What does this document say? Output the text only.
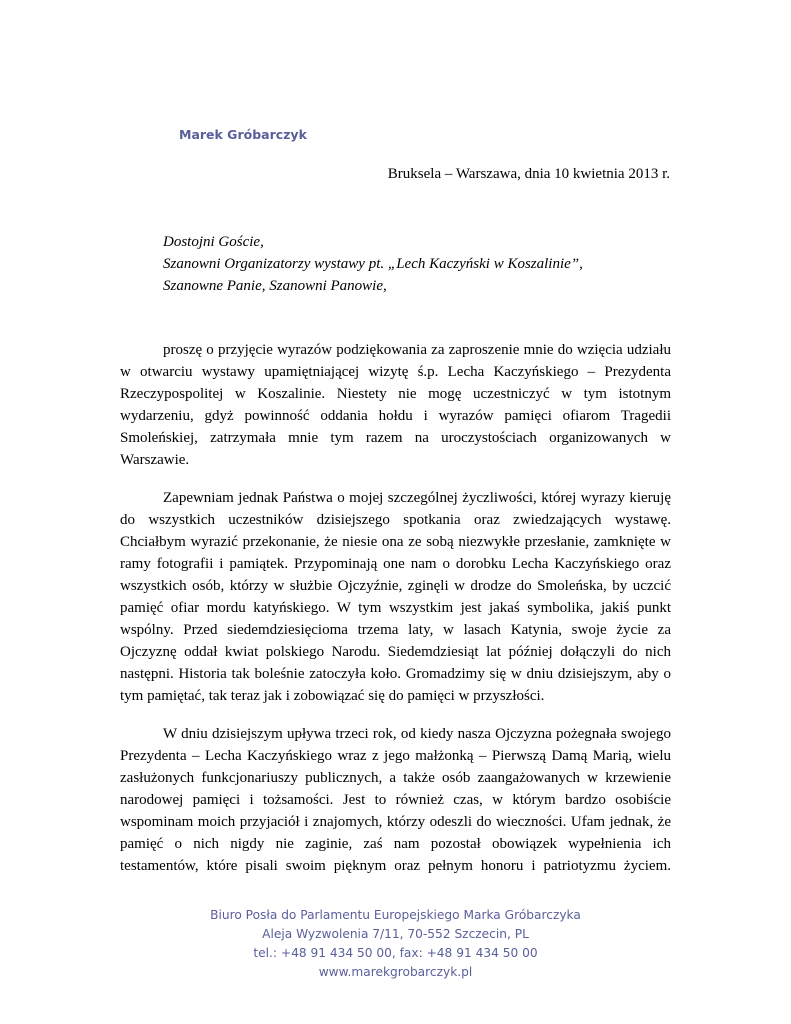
Marek Gróbarczyk

Bruksela – Warszawa, dnia 10 kwietnia 2013 r.

Dostojni Goście,
Szanowni Organizatorzy wystawy pt. „Lech Kaczyński w Koszalinie”,
Szanowne Panie, Szanowni Panowie,

proszę o przyjęcie wyrazów podziękowania za zaproszenie mnie do wzięcia udziału w otwarciu wystawy upamiętniającej wizytę ś.p. Lecha Kaczyńskiego – Prezydenta Rzeczypospolitej w Koszalinie. Niestety nie mogę uczestniczyć w tym istotnym wydarzeniu, gdyż powinność oddania hołdu i wyrazów pamięci ofiarom Tragedii Smoleńskiej, zatrzymała mnie tym razem na uroczystościach organizowanych w Warszawie.

Zapewniam jednak Państwa o mojej szczególnej życzliwości, której wyrazy kieruję do wszystkich uczestników dzisiejszego spotkania oraz zwiedzających wystawę. Chciałbym wyrazić przekonanie, że niesie ona ze sobą niezwykłe przesłanie, zamknięte w ramy fotografii i pamiątek. Przypominają one nam o dorobku Lecha Kaczyńskiego oraz wszystkich osób, którzy w służbie Ojczyźnie, zginęli w drodze do Smoleńska, by uczcić pamięć ofiar mordu katyńskiego. W tym wszystkim jest jakaś symbolika, jakiś punkt wspólny. Przed siedemdziesięcioma trzema laty, w lasach Katynia, swoje życie za Ojczyznę oddał kwiat polskiego Narodu. Siedemdziesiąt lat później dołączyli do nich następni. Historia tak boleśnie zatoczyła koło. Gromadzimy się w dniu dzisiejszym, aby o tym pamiętać, tak teraz jak i zobowiązać się do pamięci w przyszłości.

W dniu dzisiejszym upływa trzeci rok, od kiedy nasza Ojczyzna pożegnała swojego Prezydenta – Lecha Kaczyńskiego wraz z jego małżonką – Pierwszą Damą Marią, wielu zasłużonych funkcjonariuszy publicznych, a także osób zaangażowanych w krzewienie narodowej pamięci i tożsamości. Jest to również czas, w którym bardzo osobiście wspominam moich przyjaciół i znajomych, którzy odeszli do wieczności. Ufam jednak, że pamięć o nich nigdy nie zaginie, zaś nam pozostał obowiązek wypełnienia ich testamentów, które pisali swoim pięknym oraz pełnym honoru i patriotyzmu życiem.

Biuro Posła do Parlamentu Europejskiego Marka Gróbarczyka
Aleja Wyzwolenia 7/11, 70-552 Szczecin, PL
tel.: +48 91 434 50 00, fax: +48 91 434 50 00
www.marekgrobarczyk.pl
